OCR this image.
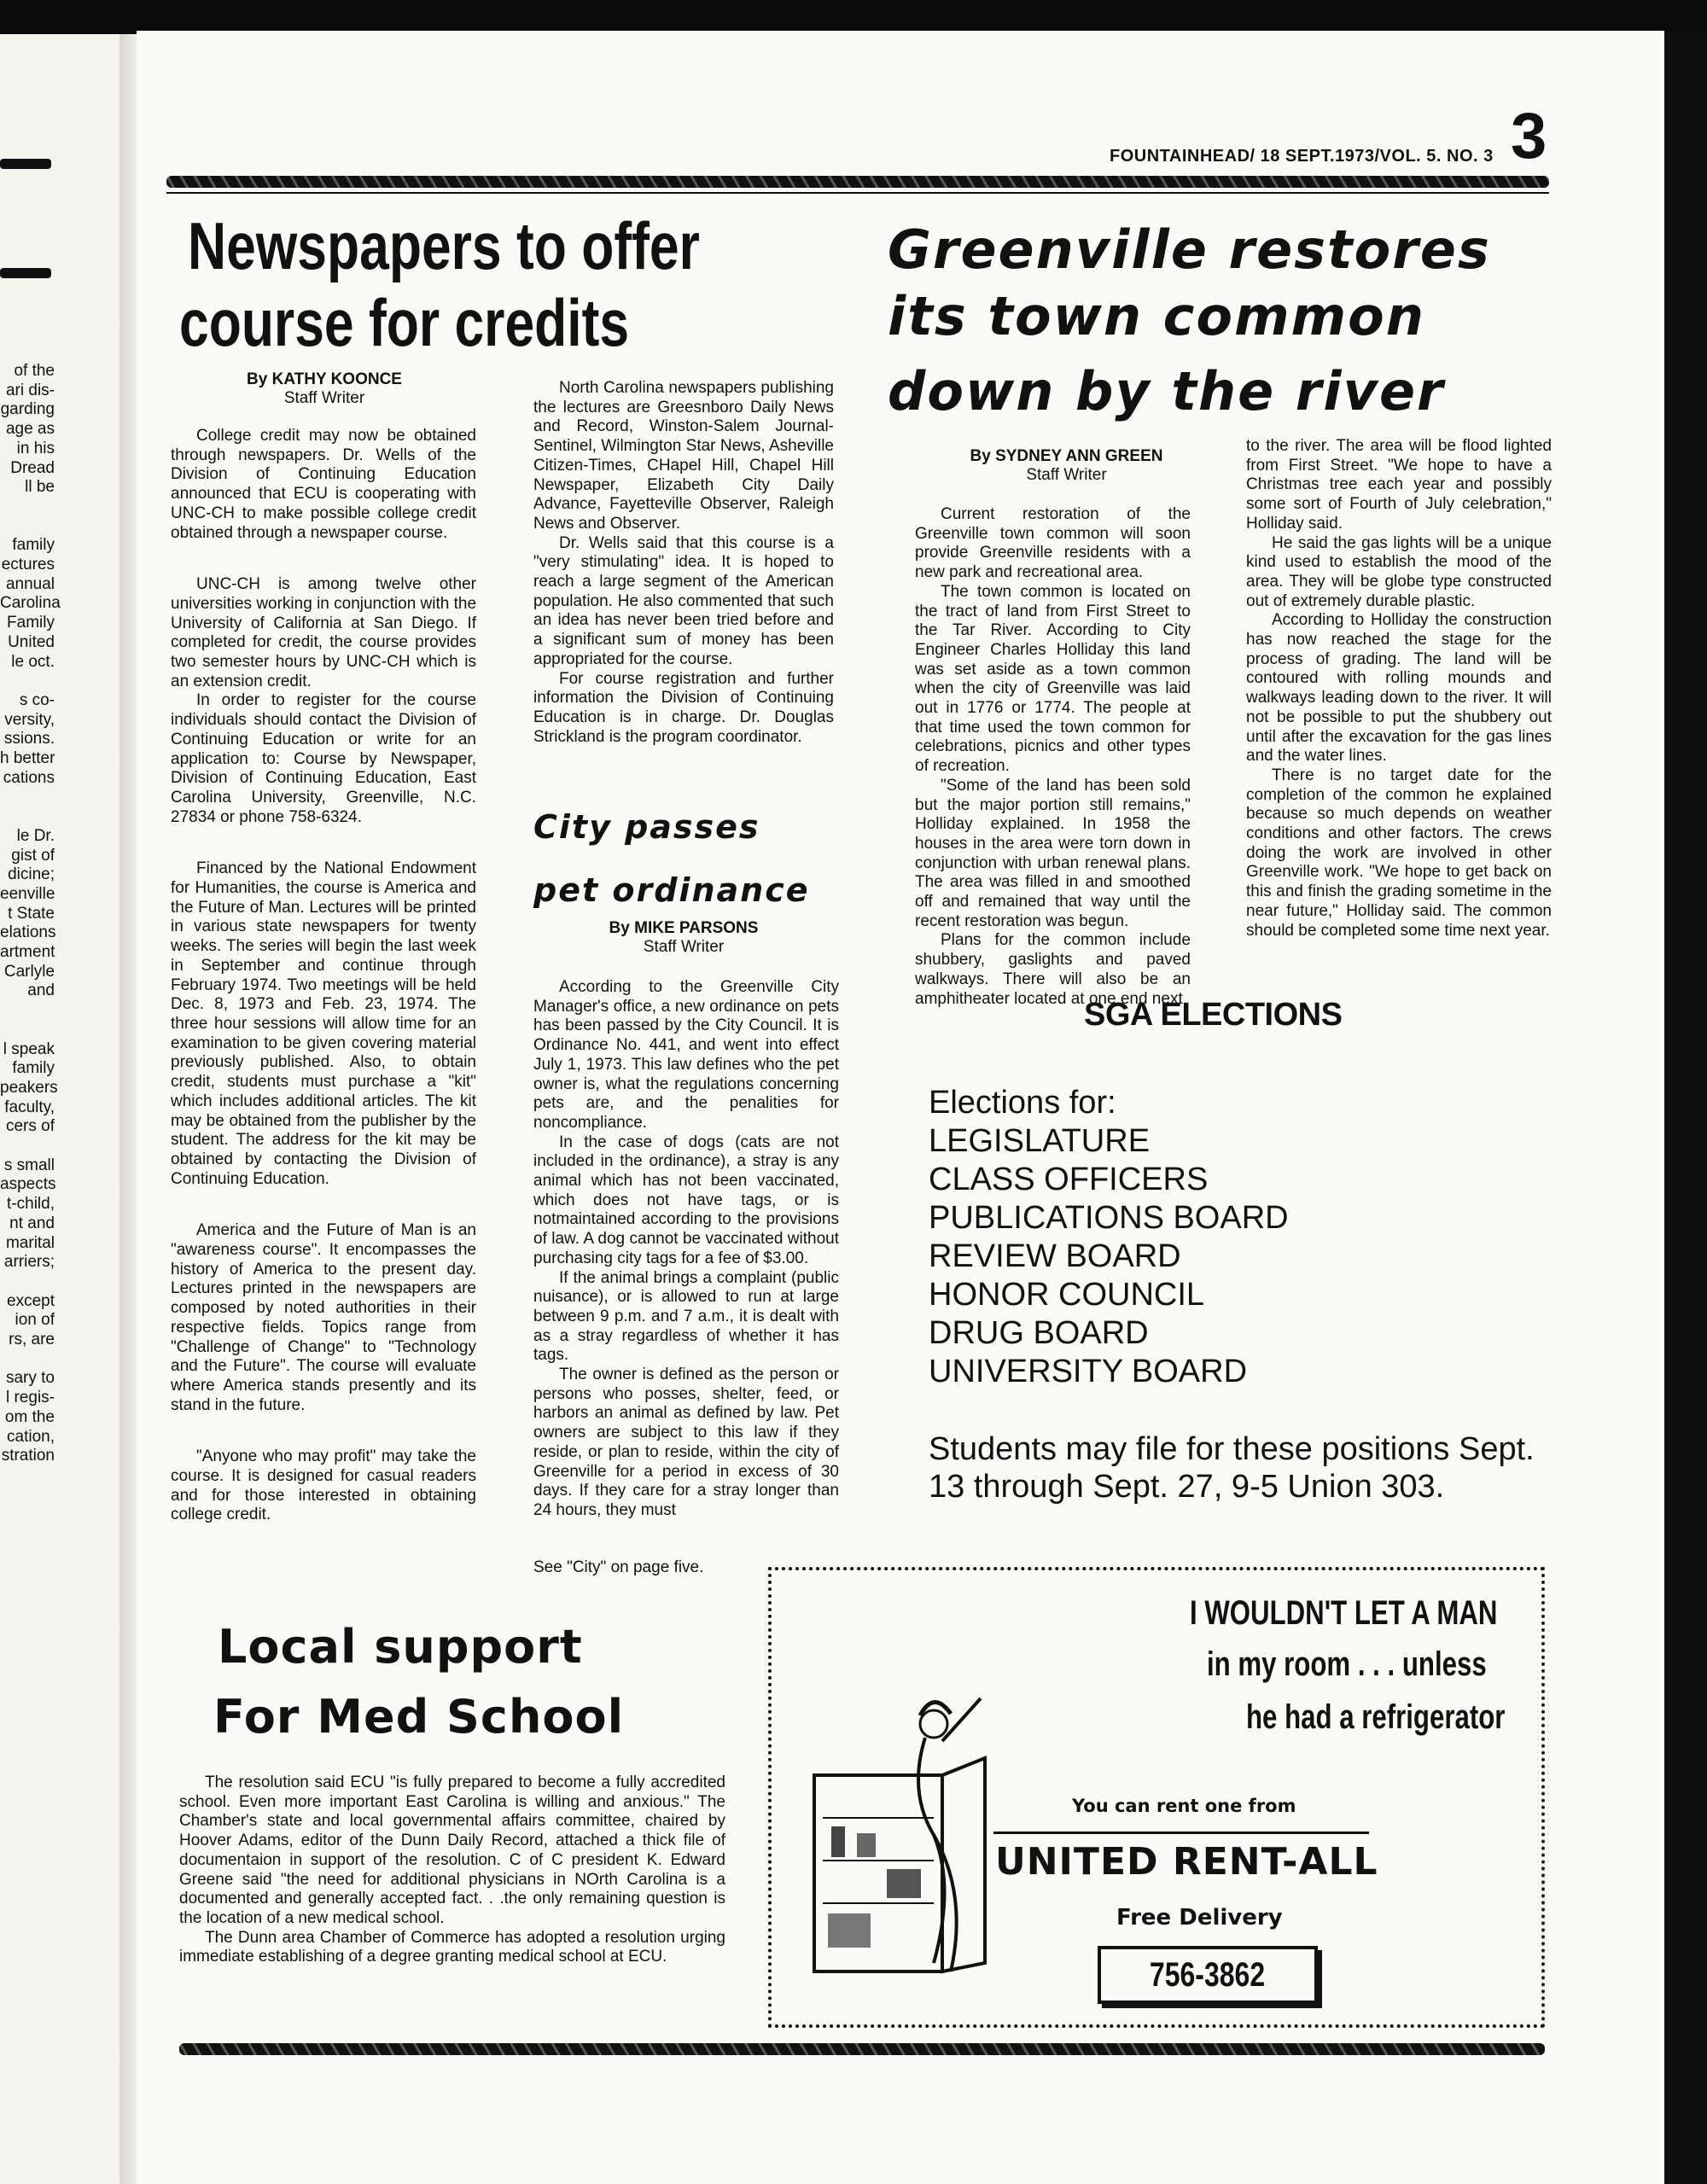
of the
ari dis-
garding
age as
in his
Dread
ll be
family
ectures
annual
Carolina
Family
United
le oct.
s co-
versity,
ssions.
h better
cations
le Dr.
gist of
dicine;
eenville
t State
elations
artment
Carlyle
and
l speak
family
peakers
faculty,
cers of
s small
aspects
t-child,
nt and
marital
arriers;
except
ion of
rs, are
sary to
l regis-
om the
cation,
stration
FOUNTAINHEAD/ 18 SEPT.1973/VOL. 5. NO. 3 3
Newspapers to offer
course for credits
By KATHY KOONCE
Staff Writer

College credit may now be obtained through newspapers. Dr. Wells of the Division of Continuing Education announced that ECU is cooperating with UNC-CH to make possible college credit obtained through a newspaper course.

UNC-CH is among twelve other universities working in conjunction with the University of California at San Diego. If completed for credit, the course provides two semester hours by UNC-CH which is an extension credit.

In order to register for the course individuals should contact the Division of Continuing Education or write for an application to: Course by Newspaper, Division of Continuing Education, East Carolina University, Greenville, N.C. 27834 or phone 758-6324.

Financed by the National Endowment for Humanities, the course is America and the Future of Man. Lectures will be printed in various state newspapers for twenty weeks. The series will begin the last week in September and continue through February 1974. Two meetings will be held Dec. 8, 1973 and Feb. 23, 1974. The three hour sessions will allow time for an examination to be given covering material previously published. Also, to obtain credit, students must purchase a "kit" which includes additional articles. The kit may be obtained from the publisher by the student. The address for the kit may be obtained by contacting the Division of Continuing Education.

America and the Future of Man is an "awareness course". It encompasses the history of America to the present day. Lectures printed in the newspapers are composed by noted authorities in their respective fields. Topics range from "Challenge of Change" to "Technology and the Future". The course will evaluate where America stands presently and its stand in the future.

"Anyone who may profit" may take the course. It is designed for casual readers and for those interested in obtaining college credit.

North Carolina newspapers publishing the lectures are Greesnboro Daily News and Record, Winston-Salem Journal-Sentinel, Wilmington Star News, Asheville Citizen-Times, CHapel Hill, Chapel Hill Newspaper, Elizabeth City Daily Advance, Fayetteville Observer, Raleigh News and Observer.

Dr. Wells said that this course is a "very stimulating" idea. It is hoped to reach a large segment of the American population. He also commented that such an idea has never been tried before and a significant sum of money has been appropriated for the course.

For course registration and further information the Division of Continuing Education is in charge. Dr. Douglas Strickland is the program coordinator.

City passes
pet ordinance
By MIKE PARSONS
Staff Writer

According to the Greenville City Manager's office, a new ordinance on pets has been passed by the City Council. It is Ordinance No. 441, and went into effect July 1, 1973. This law defines who the pet owner is, what the regulations concerning pets are, and the penalities for noncompliance.

In the case of dogs (cats are not included in the ordinance), a stray is any animal which has not been vaccinated, which does not have tags, or is notmaintained according to the provisions of law. A dog cannot be vaccinated without purchasing city tags for a fee of $3.00.

If the animal brings a complaint (public nuisance), or is allowed to run at large between 9 p.m. and 7 a.m., it is dealt with as a stray regardless of whether it has tags.

The owner is defined as the person or persons who posses, shelter, feed, or harbors an animal as defined by law. Pet owners are subject to this law if they reside, or plan to reside, within the city of Greenville for a period in excess of 30 days. If they care for a stray longer than 24 hours, they must

See "City" on page five.
Greenville restores
its town common
down by the river
By SYDNEY ANN GREEN
Staff Writer

Current restoration of the Greenville town common will soon provide Greenville residents with a new park and recreational area.

The town common is located on the tract of land from First Street to the Tar River. According to City Engineer Charles Holliday this land was set aside as a town common when the city of Greenville was laid out in 1776 or 1774. The people at that time used the town common for celebrations, picnics and other types of recreation.

"Some of the land has been sold but the major portion still remains," Holliday explained. In 1958 the houses in the area were torn down in conjunction with urban renewal plans. The area was filled in and smoothed off and remained that way until the recent restoration was begun.

Plans for the common include shubbery, gaslights and paved walkways. There will also be an amphitheater located at one end next

to the river. The area will be flood lighted from First Street. "We hope to have a Christmas tree each year and possibly some sort of Fourth of July celebration," Holliday said.

He said the gas lights will be a unique kind used to establish the mood of the area. They will be globe type constructed out of extremely durable plastic.

According to Holliday the construction has now reached the stage for the process of grading. The land will be contoured with rolling mounds and walkways leading down to the river. It will not be possible to put the shubbery out until after the excavation for the gas lines and the water lines.

There is no target date for the completion of the common he explained because so much depends on weather conditions and other factors. The crews doing the work are involved in other Greenville work. "We hope to get back on this and finish the grading sometime in the near future," Holliday said. The common should be completed some time next year.

SGA ELECTIONS
Elections for:
LEGISLATURE
CLASS OFFICERS
PUBLICATIONS BOARD
REVIEW BOARD
HONOR COUNCIL
DRUG BOARD
UNIVERSITY BOARD
Students may file for these positions Sept. 13 through Sept. 27, 9-5 Union 303.
Local support
For Med School

The resolution said ECU "is fully prepared to become a fully accredited school. Even more important East Carolina is willing and anxious." The Chamber's state and local governmental affairs committee, chaired by Hoover Adams, editor of the Dunn Daily Record, attached a thick file of documentaion in support of the resolution. C of C president K. Edward Greene said "the need for additional physicians in NOrth Carolina is a documented and generally accepted fact. . .the only remaining question is the location of a new medical school.

The Dunn area Chamber of Commerce has adopted a resolution urging immediate establishing of a degree granting medical school at ECU.

I WOULDN'T LET A MAN
in my room . . . unless
he had a refrigerator
You can rent one from
UNITED RENT-ALL
Free Delivery
756-3862
